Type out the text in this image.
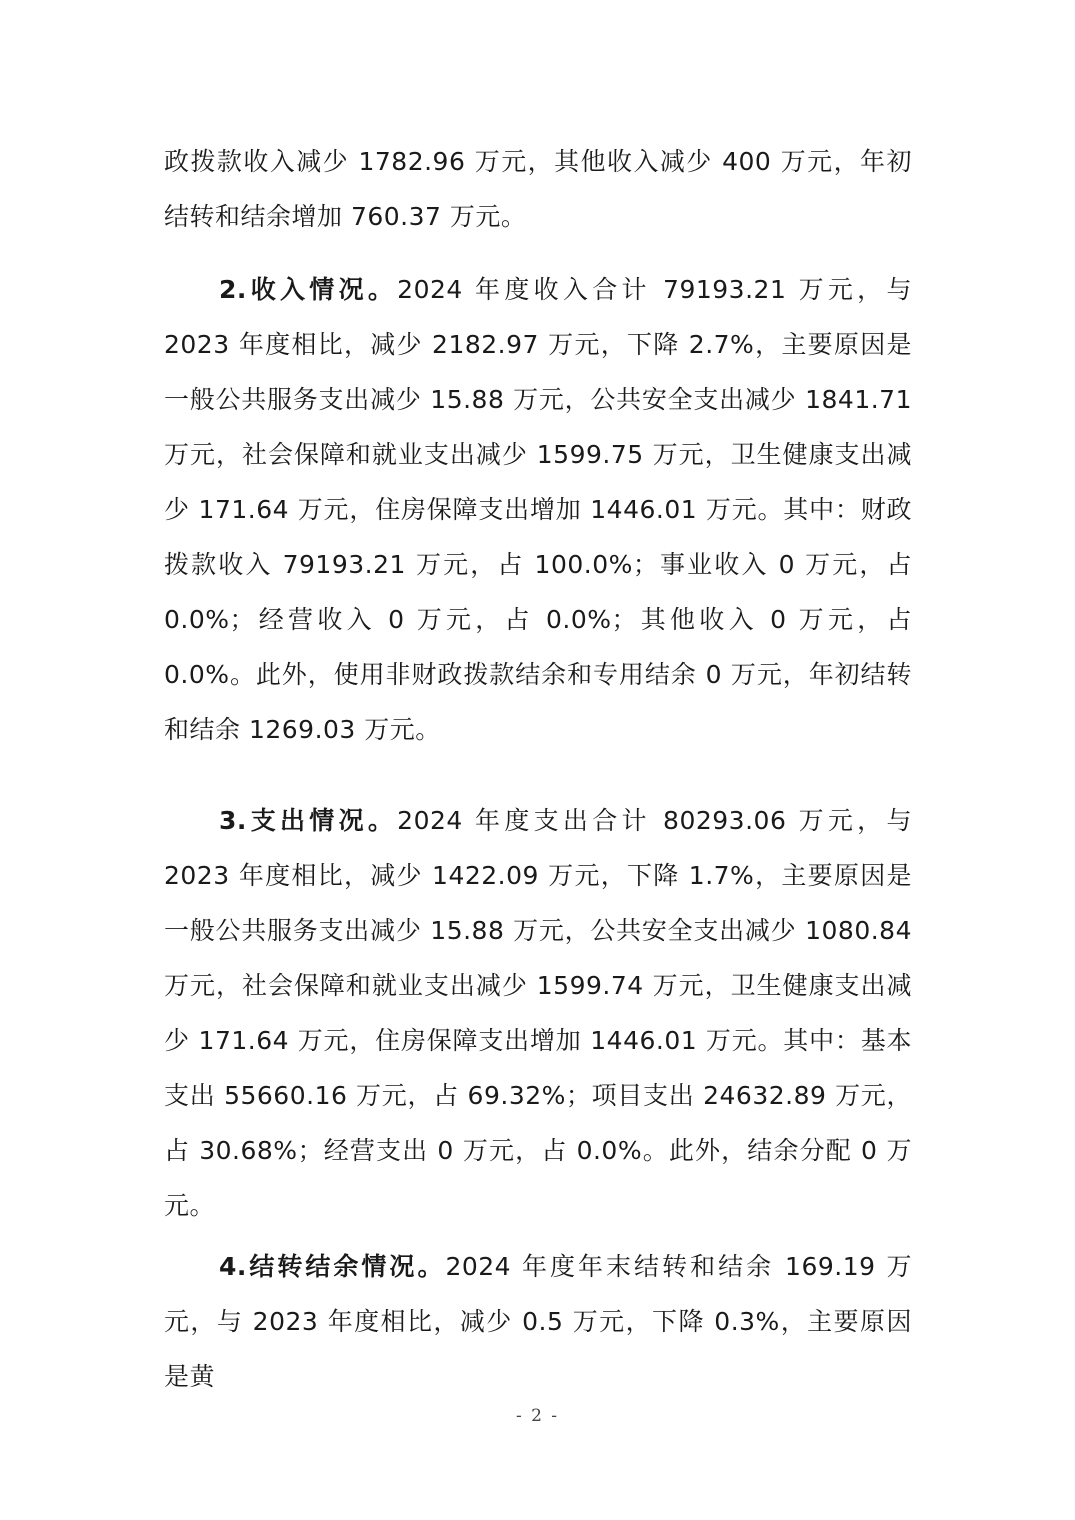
政拨款收入减少 1782.96 万元，其他收入减少 400 万元，年初结转和结余增加 760.37 万元。

2.收入情况。2024 年度收入合计 79193.21 万元，与 2023 年度相比，减少 2182.97 万元，下降 2.7%，主要原因是一般公共服务支出减少 15.88 万元，公共安全支出减少 1841.71 万元，社会保障和就业支出减少 1599.75 万元，卫生健康支出减少 171.64 万元，住房保障支出增加 1446.01 万元。其中：财政拨款收入 79193.21 万元，占 100.0%；事业收入 0 万元，占 0.0%；经营收入 0 万元，占 0.0%；其他收入 0 万元，占 0.0%。此外，使用非财政拨款结余和专用结余 0 万元，年初结转和结余 1269.03 万元。

3.支出情况。2024 年度支出合计 80293.06 万元，与 2023 年度相比，减少 1422.09 万元，下降 1.7%，主要原因是一般公共服务支出减少 15.88 万元，公共安全支出减少 1080.84 万元，社会保障和就业支出减少 1599.74 万元，卫生健康支出减少 171.64 万元，住房保障支出增加 1446.01 万元。其中：基本支出 55660.16 万元，占 69.32%；项目支出 24632.89 万元，占 30.68%；经营支出 0 万元，占 0.0%。此外，结余分配 0 万元。

4.结转结余情况。2024 年度年末结转和结余 169.19 万元，与 2023 年度相比，减少 0.5 万元，下降 0.3%，主要原因是黄

- 2 -
